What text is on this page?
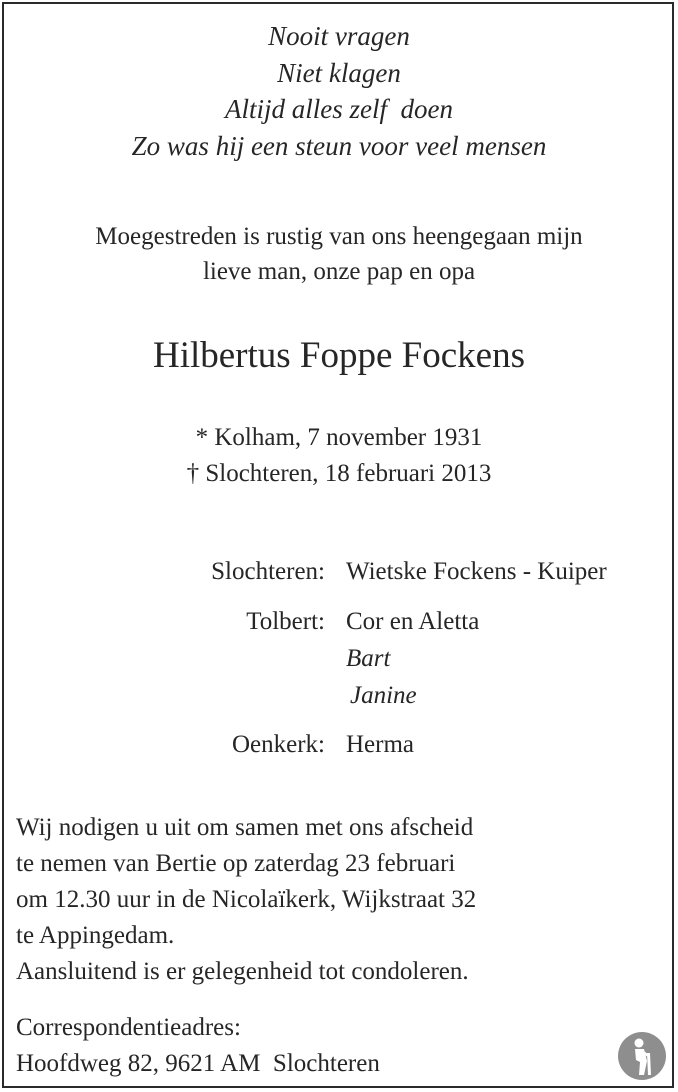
Nooit vragen
Niet klagen
Altijd alles zelf  doen
Zo was hij een steun voor veel mensen
Moegestreden is rustig van ons heengegaan mijn
lieve man, onze pap en opa
Hilbertus Foppe Fockens
* Kolham, 7 november 1931
† Slochteren, 18 februari 2013
Slochteren: Wietske Fockens - Kuiper
Tolbert: Cor en Aletta
Bart
Janine
Oenkerk: Herma
Wij nodigen u uit om samen met ons afscheid
te nemen van Bertie op zaterdag 23 februari
om 12.30 uur in de Nicolaïkerk, Wijkstraat 32
te Appingedam.
Aansluitend is er gelegenheid tot condoleren.
Correspondentieadres:
Hoofdweg 82, 9621 AM  Slochteren
